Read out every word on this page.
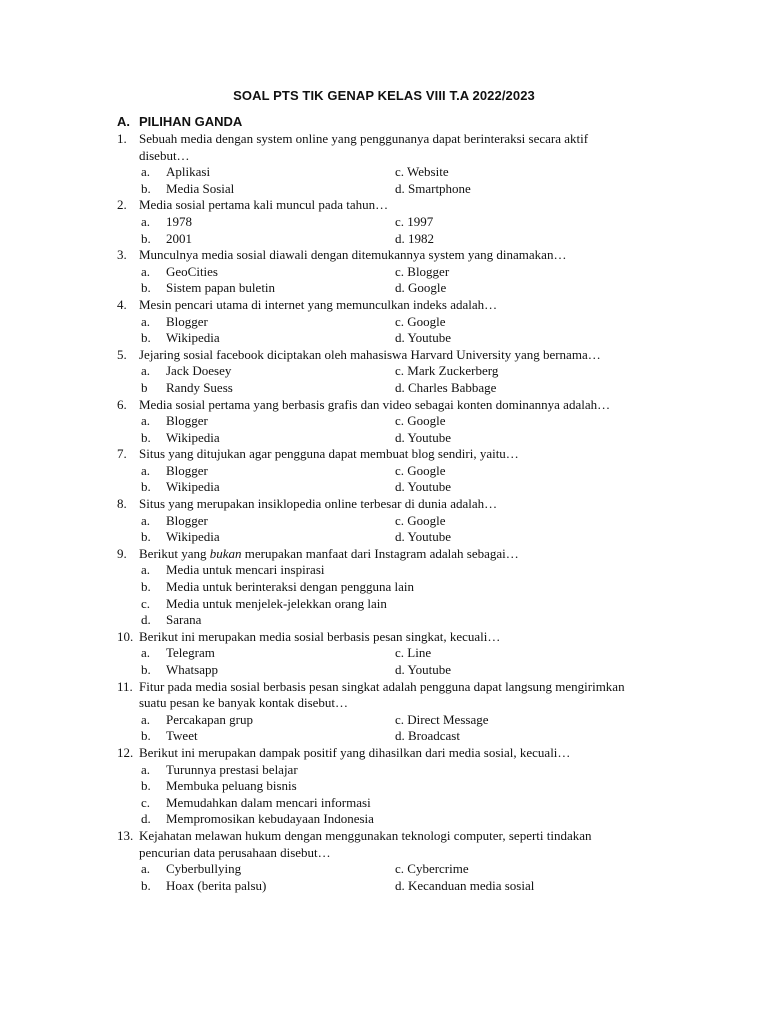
SOAL PTS TIK GENAP KELAS VIII T.A 2022/2023
A. PILIHAN GANDA
1. Sebuah media dengan system online yang penggunanya dapat berinteraksi secara aktif
disebut…
a.	Aplikasi	c. Website
b.	Media Sosial	d. Smartphone
2. Media sosial pertama kali muncul pada tahun…
a.	1978	c. 1997
b.	2001	d. 1982
3. Munculnya media sosial diawali dengan ditemukannya system yang dinamakan…
a.	GeoCities	c. Blogger
b.	Sistem papan buletin	d. Google
4. Mesin pencari utama di internet yang memunculkan indeks adalah…
a.	Blogger	c. Google
b.	Wikipedia	d. Youtube
5. Jejaring sosial facebook diciptakan oleh mahasiswa Harvard University yang bernama…
a.	Jack Doesey	c. Mark Zuckerberg
b	Randy Suess	d. Charles Babbage
6. Media sosial pertama yang berbasis grafis dan video sebagai konten dominannya adalah…
a.	Blogger	c. Google
b.	Wikipedia	d. Youtube
7. Situs yang ditujukan agar pengguna dapat membuat blog sendiri, yaitu…
a.	Blogger	c. Google
b.	Wikipedia	d. Youtube
8. Situs yang merupakan insiklopedia online terbesar di dunia adalah…
a.	Blogger	c. Google
b.	Wikipedia	d. Youtube
9. Berikut yang bukan merupakan manfaat dari Instagram adalah sebagai…
a.	Media untuk mencari inspirasi
b.	Media untuk berinteraksi dengan pengguna lain
c.	Media untuk menjelek-jelekkan orang lain
d.	Sarana
10. Berikut ini merupakan media sosial berbasis pesan singkat, kecuali…
a.	Telegram	c. Line
b.	Whatsapp	d. Youtube
11. Fitur pada media sosial berbasis pesan singkat adalah pengguna dapat langsung mengirimkan
suatu pesan ke banyak kontak disebut…
a.	Percakapan grup	c. Direct Message
b.	Tweet	d. Broadcast
12. Berikut ini merupakan dampak positif yang dihasilkan dari media sosial, kecuali…
a.	Turunnya prestasi belajar
b.	Membuka peluang bisnis
c.	Memudahkan dalam mencari informasi
d.	Mempromosikan kebudayaan Indonesia
13. Kejahatan melawan hukum dengan menggunakan teknologi computer, seperti tindakan
pencurian data perusahaan disebut…
a.	Cyberbullying	c. Cybercrime
b.	Hoax (berita palsu)	d. Kecanduan media sosial
